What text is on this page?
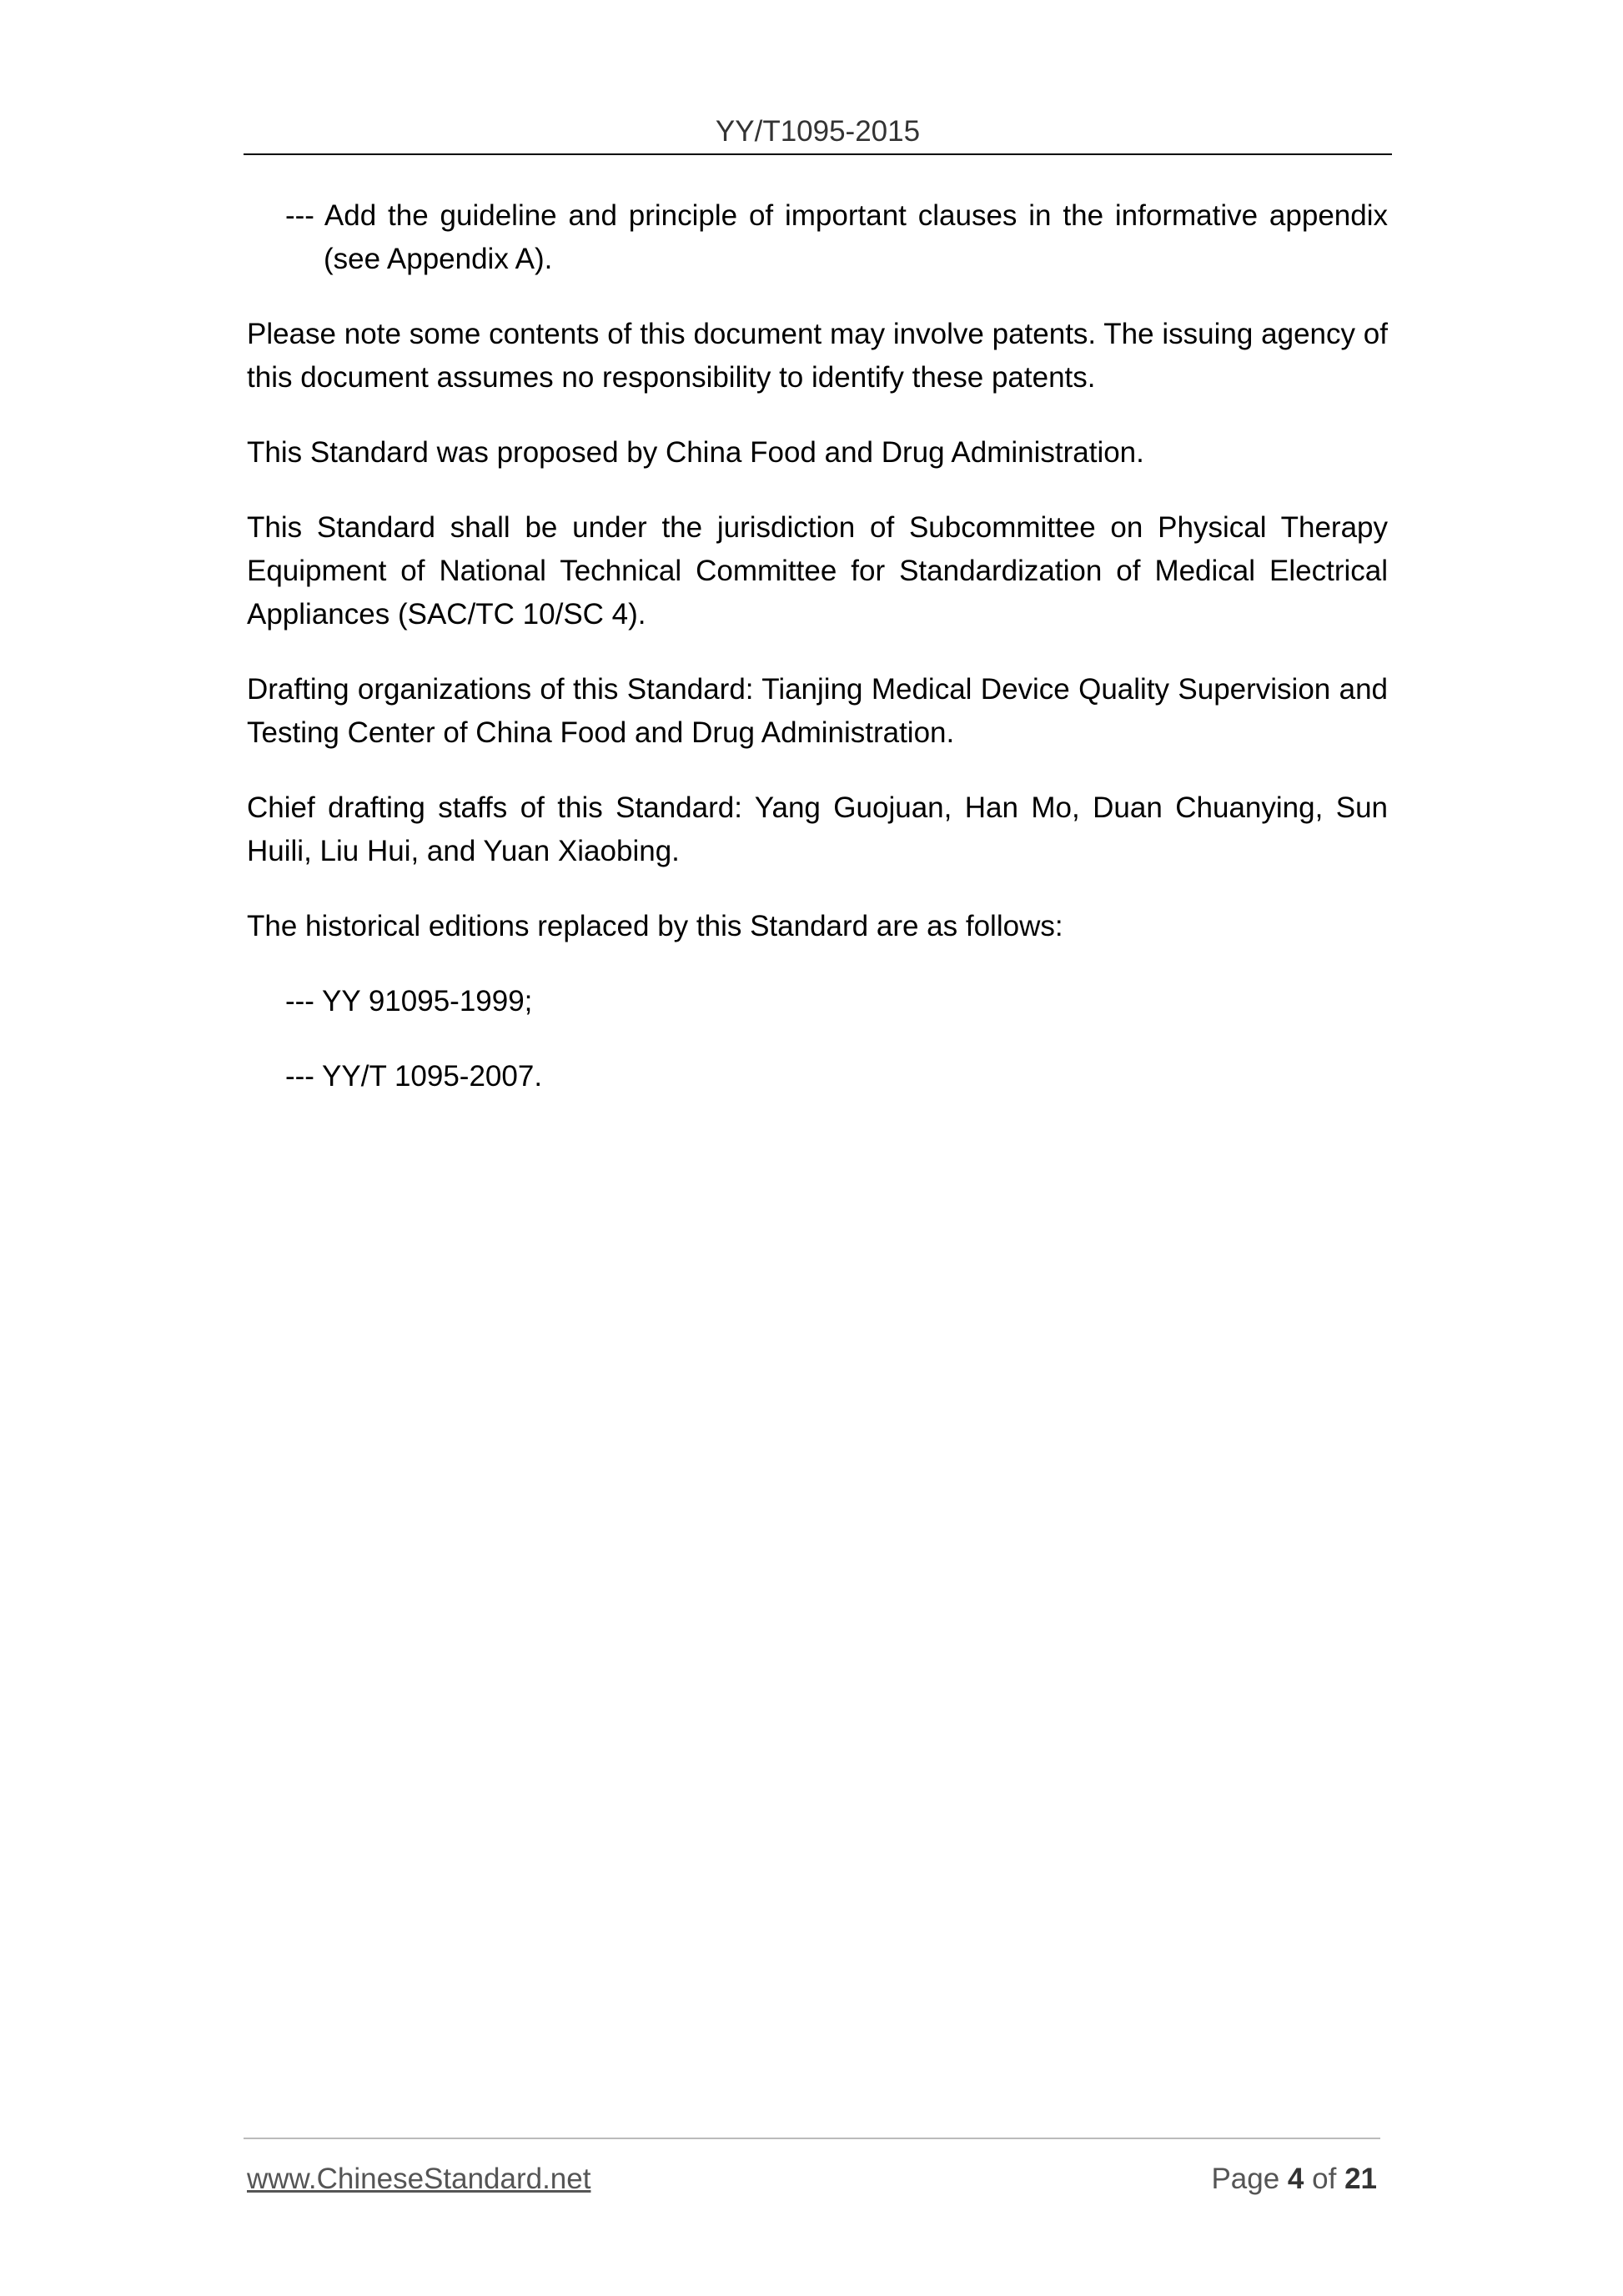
YY/T1095-2015

--- Add the guideline and principle of important clauses in the informative appendix (see Appendix A).

Please note some contents of this document may involve patents. The issuing agency of this document assumes no responsibility to identify these patents.

This Standard was proposed by China Food and Drug Administration.

This Standard shall be under the jurisdiction of Subcommittee on Physical Therapy Equipment of National Technical Committee for Standardization of Medical Electrical Appliances (SAC/TC 10/SC 4).

Drafting organizations of this Standard: Tianjing Medical Device Quality Supervision and Testing Center of China Food and Drug Administration.

Chief drafting staffs of this Standard: Yang Guojuan, Han Mo, Duan Chuanying, Sun Huili, Liu Hui, and Yuan Xiaobing.

The historical editions replaced by this Standard are as follows:

--- YY 91095-1999;

--- YY/T 1095-2007.

www.ChineseStandard.net	Page 4 of 21
